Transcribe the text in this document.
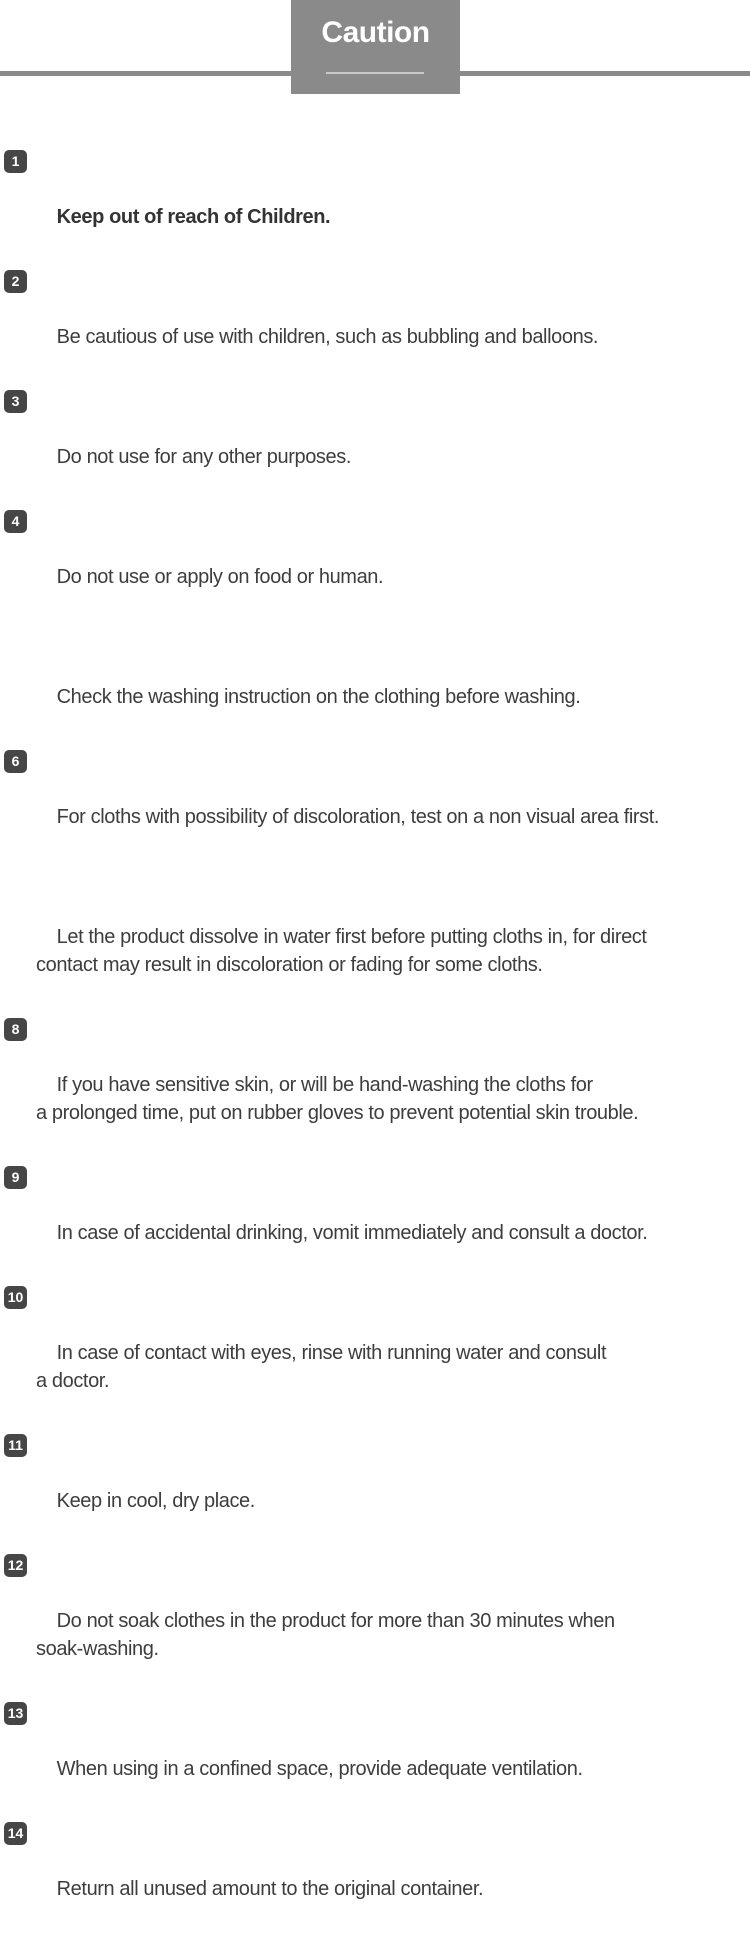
Caution

1

Keep out of reach of Children.

2

Be cautious of use with children, such as bubbling and balloons.

3

Do not use for any other purposes.

4

Do not use or apply on food or human.

Check the washing instruction on the clothing before washing.

6

For cloths with possibility of discoloration, test on a non visual area first.

Let the product dissolve in water first before putting cloths in, for direct
contact may result in discoloration or fading for some cloths.

8

If you have sensitive skin, or will be hand-washing the cloths for
a prolonged time, put on rubber gloves to prevent potential skin trouble.

9

In case of accidental drinking, vomit immediately and consult a doctor.

10

In case of contact with eyes, rinse with running water and consult
a doctor.

11

Keep in cool, dry place.

12

Do not soak clothes in the product for more than 30 minutes when
soak-washing.

13

When using in a confined space, provide adequate ventilation.

14

Return all unused amount to the original container.
